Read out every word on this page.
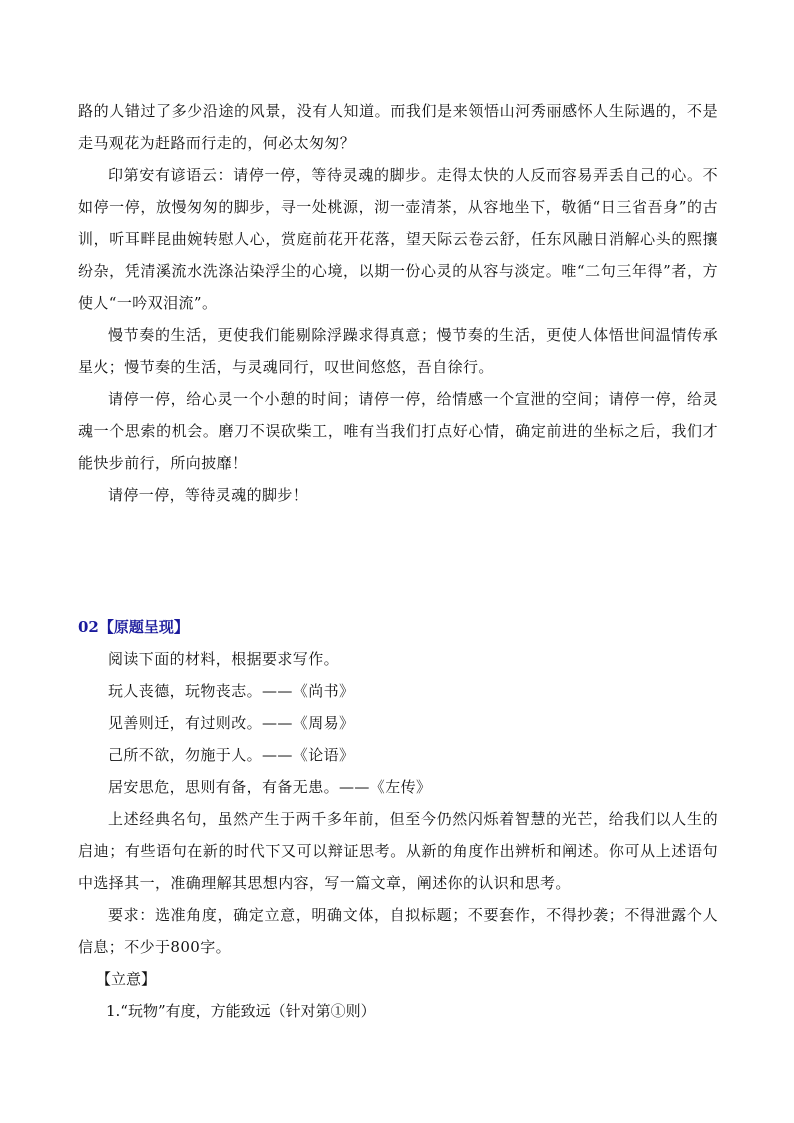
路的人错过了多少沿途的风景，没有人知道。而我们是来领悟山河秀丽感怀人生际遇的，不是走马观花为赶路而行走的，何必太匆匆？

印第安有谚语云：请停一停，等待灵魂的脚步。走得太快的人反而容易弄丢自己的心。不如停一停，放慢匆匆的脚步，寻一处桃源，沏一壶清茶，从容地坐下，敬循“日三省吾身”的古训，听耳畔昆曲婉转慰人心，赏庭前花开花落，望天际云卷云舒，任东风融日消解心头的熙攘纷杂，凭清溪流水洗涤沾染浮尘的心境，以期一份心灵的从容与淡定。唯“二句三年得”者，方使人“一吟双泪流”。

慢节奏的生活，更使我们能剔除浮躁求得真意；慢节奏的生活，更使人体悟世间温情传承星火；慢节奏的生活，与灵魂同行，叹世间悠悠，吾自徐行。

请停一停，给心灵一个小憩的时间；请停一停，给情感一个宣泄的空间；请停一停，给灵魂一个思索的机会。磨刀不误砍柴工，唯有当我们打点好心情，确定前进的坐标之后，我们才能快步前行，所向披靡！

请停一停，等待灵魂的脚步！

02【原题呈现】

阅读下面的材料，根据要求写作。

玩人丧德，玩物丧志。——《尚书》

见善则迁，有过则改。——《周易》

己所不欲，勿施于人。——《论语》

居安思危，思则有备，有备无患。——《左传》

上述经典名句，虽然产生于两千多年前，但至今仍然闪烁着智慧的光芒，给我们以人生的启迪；有些语句在新的时代下又可以辩证思考。从新的角度作出辨析和阐述。你可从上述语句中选择其一，准确理解其思想内容，写一篇文章，阐述你的认识和思考。

要求：选准角度，确定立意，明确文体，自拟标题；不要套作，不得抄袭；不得泄露个人信息；不少于800字。

【立意】

1.“玩物”有度，方能致远（针对第①则）
